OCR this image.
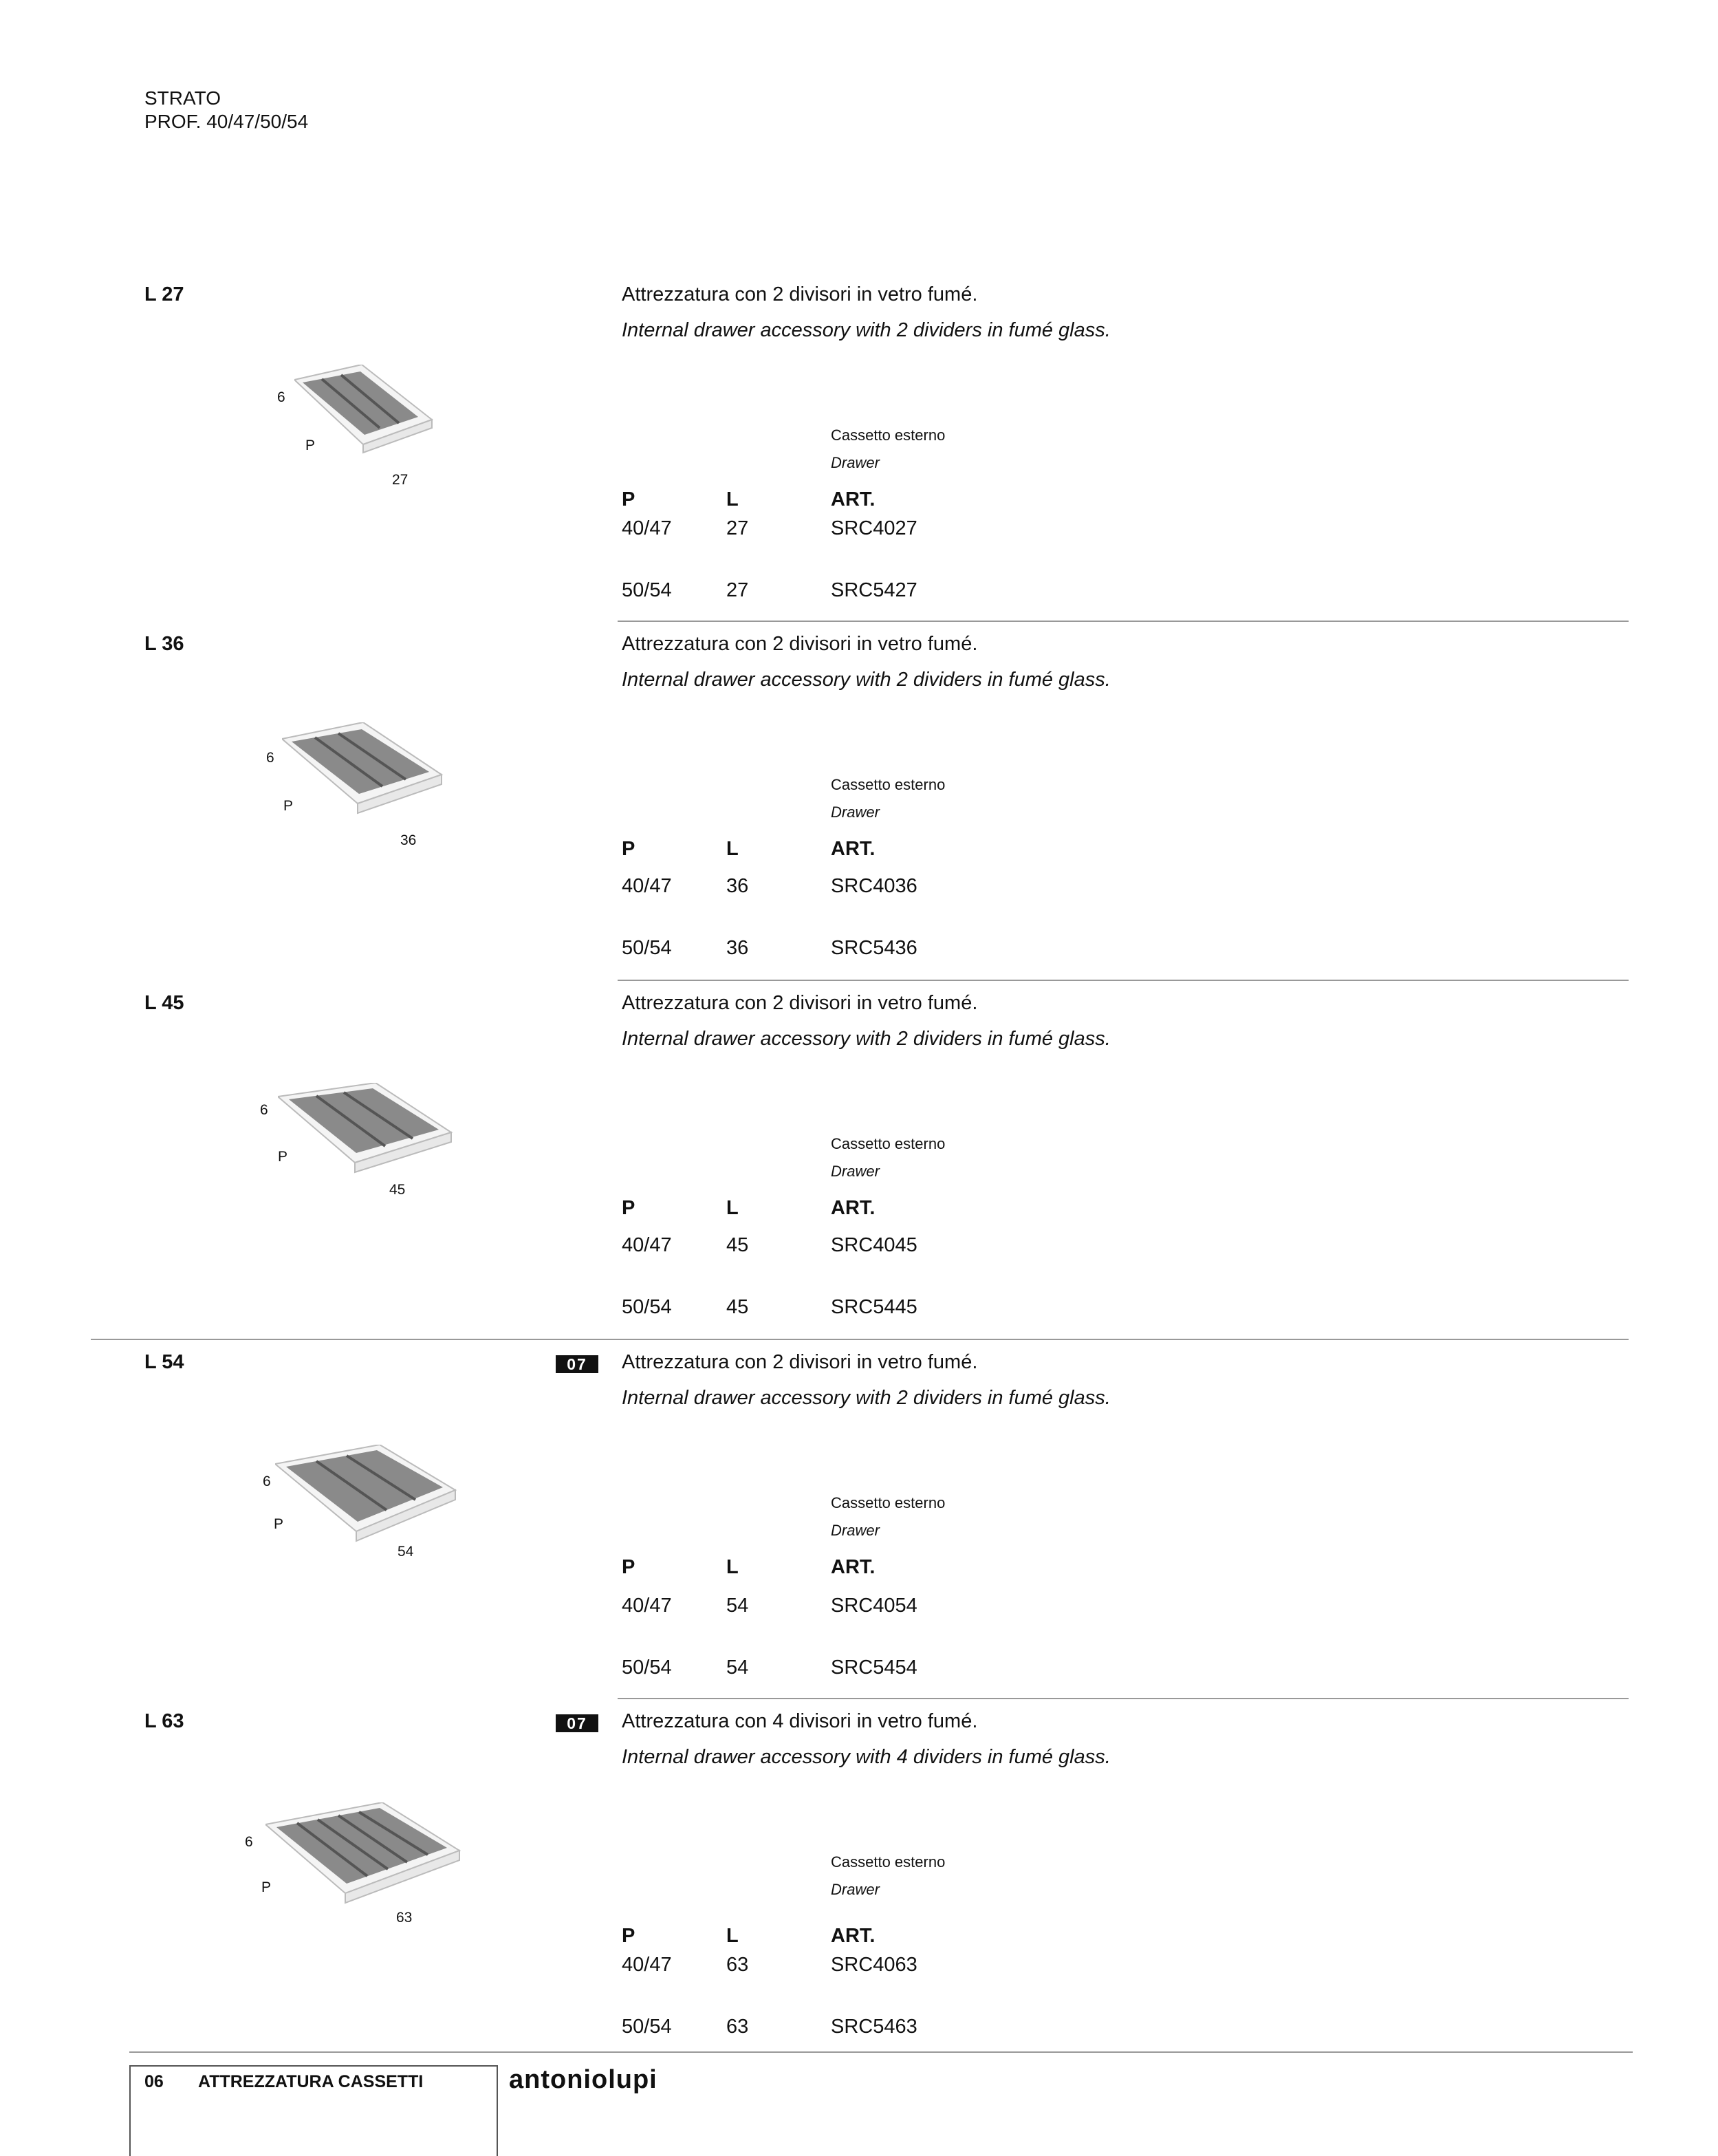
STRATO
PROF. 40/47/50/54
L 27	Attrezzatura con 2 divisori in vetro fumé.
Internal drawer accessory with 2 dividers in fumé glass.
6
P
27
Cassetto esterno
Drawer
P	L	ART.
40/47	27	SRC4027
50/54	27	SRC5427
L 36	Attrezzatura con 2 divisori in vetro fumé.
Internal drawer accessory with 2 dividers in fumé glass.
6
P
36
Cassetto esterno
Drawer
P	L	ART.
40/47	36	SRC4036
50/54	36	SRC5436
L 45	Attrezzatura con 2 divisori in vetro fumé.
Internal drawer accessory with 2 dividers in fumé glass.
6
P
45
Cassetto esterno
Drawer
P	L	ART.
40/47	45	SRC4045
50/54	45	SRC5445
L 54	07	Attrezzatura con 2 divisori in vetro fumé.
Internal drawer accessory with 2 dividers in fumé glass.
6
P
54
Cassetto esterno
Drawer
P	L	ART.
40/47	54	SRC4054
50/54	54	SRC5454
L 63	07	Attrezzatura con 4 divisori in vetro fumé.
Internal drawer accessory with 4 dividers in fumé glass.
6
P
63
Cassetto esterno
Drawer
P	L	ART.
40/47	63	SRC4063
50/54	63	SRC5463
06 ATTREZZATURA CASSETTI	antoniolupi
